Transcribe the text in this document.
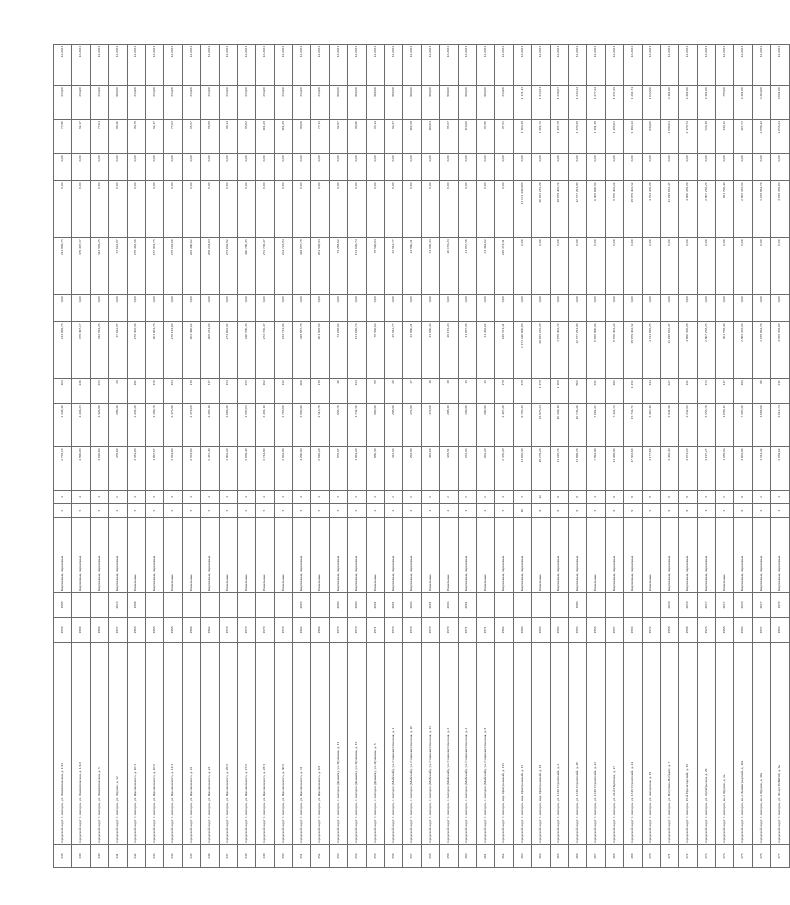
338	городской округ г. Ангарск, ул. Филипповская, д. 1/12	1959	1998	Кирпичные, первичные	5	4	2 758,10	2 348,30	163	214 969,75	0,00	214 969,75	0,00	0,00	77,90	254,00	12.2031
339	городской округ г. Ангарск, ул. Филипповская, д. 1/4/2	1966		Кирпичные, первичные	5	4	4 896,00	4 436,25	236	379 497,17	0,00	379 497,17	0,00	0,00	82,17	254,00	12.2031
340	городской округ г. Ангарск, ул. Филипповская, д. 5	1966		Кирпичные, первичные	5	4	4 626,60	4 426,80	225	343 593,25	0,00	343 593,25	0,00	0,00	77,04	254,00	12.2031
341	городской округ г. Ангарск, ул. Фрунзе, д. 12	1957	2015	Кирпичные, первичные	2	2	479,60	389,20	29	37 022,87	0,00	37 022,87	0,00	0,00	98,30	960,00	12.2031
342	городской округ г. Ангарск, ул. Циолковского, д. 10/1	1968	1999	Панельные	5	4	3 583,00	3 445,20	191	278 465,56	0,00	278 465,56	0,00	0,00	80,79	254,00	12.2031
343	городской округ г. Ангарск, ул. Циолковского, д. 10/2	1968		Кирпичные, первичные	5	4	1 997,67	2 109,70	170	201 901,75	0,00	187 901,75	0,00	0,00	82,17	254,00	12.2031
344	городской округ г. Ангарск, ул. Циолковского, д. 14/1	1968		Панельные	5	4	3 594,00	3 375,80	184	278 193,60	0,00	278 193,60	0,00	0,00	77,63	254,00	12.2031
345	городской округ г. Ангарск, ул. Циолковского, д. 22	1969		Панельные	5	4	2 553,00	2 374,00	118	203 490,02	0,00	203 490,02	0,00	0,00	85,57	254,00	12.2031
346	городской округ г. Ангарск, ул. Циолковского, д. 24	1962		Кирпичные, первичные	5	4	2 457,40	2 305,10	117	208 234,84	0,00	208 234,84	0,00	0,00	85,88	254,00	12.2031
347	городской округ г. Ангарск, ул. Циолковского, д. 26/2	1970		Панельные	5	4	3 902,20	3 066,20	154	274 002,82	0,00	274 002,82	0,00	0,00	89,14	254,00	12.2031
348	городской округ г. Ангарск, ул. Циолковского, д. 27/2	1970		Панельные	5	4	5 659,40	4 597,05	255	440 700,45	0,00	440 700,45	0,00	0,00	95,62	254,00	12.2031
349	городской округ г. Ангарск, ул. Циолковского, д. 28/1	1970		Панельные	5	4	3 744,90	3 491,10	162	272 736,47	0,00	272 736,47	0,00	0,00	101,28	254,00	12.2031
350	городской округ г. Ангарск, ул. Циолковского, д. 30/2	1970		Панельные	5	4	2 932,90	2 765,60	132	234 723,84	0,00	234 723,84	0,00	0,00	101,28	254,00	12.2031
351	городской округ г. Ангарск, ул. Циолковского, д. 31	1962	2005	Кирпичные, первичные	5	4	4 290,60	3 893,90	206	329 887,78	0,00	329 887,78	0,00	0,00	98,06	254,00	12.2031
352	городской округ г. Ангарск, ул. Циолковского, д. 6/2	1966		Панельные	5	4	2 626,20	2 513,70	118	201 508,84	0,00	201 508,84	0,00	0,00	77,13	254,00	12.2031
353	городской округ г. Ангарск, г. Ангарск (Дежнёв), ул. Пушкина, д. 11	1970	2000	Кирпичные, первичные	3	3	878,87	683,70	40	73 268,62	0,00	73 268,62	0,00	0,00	82,97	960,00	12.2031
354	городской округ г. Ангарск, г. Ангарск (Дежнёв), ул. Пушкина, д. 13	1970	2000	Кирпичные, первичные	3	3	1 964,20	1 741,50	124	151 646,74	0,00	151 646,74	0,00	0,00	86,90	960,00	12.2031
355	городской округ г. Ангарск, г. Ангарск (Дежнёв), ул. Пушкина, д. 8	1971	2001	Панельные	3	3	880,50	806,90	88	78 566,64	0,00	78 566,64	0,00	0,00	85,14	960,00	12.2031
356	городской округ г. Ангарск, г. Ангарск (Майский), ул. Социалистическая, д. 1	1970	2001	Кирпичные, первичные	2	2	322,84	298,80	20	25 812,77	0,00	25 812,77	0,00	0,00	82,37	960,00	12.2031
357	городской округ г. Ангарск, г. Ангарск (Майский), ул. Социалистическая, д. 10	1970	2004	Кирпичные, первичные	2	2	293,80	272,86	17	23 860,21	0,00	23 860,21	0,00	0,00	102,59	960,00	12.2031
358	городской округ г. Ангарск, г. Ангарск (Майский), ул. Социалистическая, д. 11	1970	2001	Панельные	2	2	395,60	372,60	19	31 830,43	0,00	31 830,43	0,00	0,00	100,04	960,00	12.2031
359	городской округ г. Ангарск, г. Ангарск (Майский), ул. Социалистическая, д. 3	1970	2004	Панельные	2	2	338,81	298,30	19	26 155,23	0,00	26 155,23	0,00	0,00	85,57	960,00	12.2031
360	городской округ г. Ангарск, г. Ангарск (Майский), ул. Социалистическая, д. 4	1971	2001	Кирпичные, первичные	2	2	255,93	186,80	15	21 957,56	0,00	21 957,56	0,00	0,00	115,00	960,00	12.2031
361	городской округ г. Ангарск, г. Ангарск (Майский), ул. Социалистическая, д. 9	1971		Панельные	2	2	202,20	260,90	15	31 462,02	0,00	31 462,02	0,00	0,00	97,86	960,00	12.2031
362	городской округ г. Ангарск, мкр. Центральный, д. 115	1962		Кирпичные, первичные	5	4	2 476,20	2 407,20	179	229 374,31	0,00	229 374,31	0,00	0,00	97,51	254,00	12.2031
363	городской округ г. Ангарск, мкр. Центральный, д. 15	1960		Кирпичные, первичные	10	3	11 665,50	9 705,45	478	1 171 446 600,00	0,00	0,00	11 171 446,600	0,00	1 163,39	1 171,13	12.2031
364	городской округ г. Ангарск, мкр. Центральный, д. 19	1983		Панельные	9	12	19 279,20	23 975,23	1 478	20 655 235,29	0,00	0,00	20 655 235,29	0,00	1 201,72	1 213,81	12.2031
365	городской округ г. Ангарск, ул. 1316 Строителей, д. 2	1983		Кирпичные, первичные	9	9	11 228,70	10 436,10	1 108	1 979 402,72	0,00	0,00	19 979 402,72	0,00	1 187,79	1 210,07	12.2031
366	городской округ г. Ангарск, ул. 1316 Строителей, д. 20	1983	1980	Кирпичные, первичные	9	9	11 699,70	10 745,20	802	12 577 291,90	0,00	0,00	12 577 291,90	0,00	1 170,58	1 233,23	12.2031
367	городской округ г. Ангарск, ул. 1316 Строителей, д. 22	1985		Панельные	5	4	7 893,90	7 002,21	551	6 958 800,84	0,00	0,00	6 308 600,84	0,00	1 181,19	1 277,23	12.2031
368	городской округ г. Ангарск, ул. 22-й Партизан, д. 17	1987		Кирпичные, первичные	9	9	11 469,90	7 422,72	492	8 876 403,22	0,00	0,00	8 876 403,22	0,00	1 195,01	1 257,45	12.2031
369	городской округ г. Ангарск, ул. 1316 Строителей, д. 24	1983		Кирпичные, первичные	9	9	17 503,60	15 731,71	1 251	19 979 402,52	0,00	0,00	19 979 402,52	0,00	1 160,43	1 261,74	12.2031
370	городской округ г. Ангарск, ул. Ангарская, д. 19	1972		Панельные	5	8	3 177,00	3 467,40	244	4 724 695,25	0,00	0,00	4 763 438,29	0,00	830,00	1 022,00	12.2031
371	городской округ г. Ангарск, ул. Ватутина-Победит, д. 7	1988	2019	Кирпичные, первичные	9	8	3 462,30	3 941,50	227	11 298 052,47	0,00	0,00	11 298 052,47	0,00	1 080,03	4 101,00	12.2031
372	городской округ г. Ангарск, 18-й Пролетарский, д. 18	1986	2016	Кирпичные, первичные	9	9	4 074,10	3 232,82	121	4 966 358,29	0,00	0,00	4 966 358,29	0,00	2 170,72	2 301,00	12.2031
373	городской округ г. Ангарск, ул. Октябрьская, д. 29	1925	2017	Кирпичные, первичные	4	4	4 197,27	3 555,70	172	2 807 258,25	0,00	0,00	2 807 258,25	0,00	724,18	2 301,00	12.2031
374	городской округ г. Ангарск, кв-л Фрунзе, д. 3а	1968	2017	Панельные	2	2	1 288,93	1 089,11	117	561 798,40	0,00	0,00	561 798,40	0,00	130,12	785,00	12.2031
375	городской округ г. Ангарск, кв-л Ленинградский, д. 10а	1993	2019	Кирпичные, первичные	9	9	4 602,90	7 597,20	193	2 865 335,84	0,00	0,00	2 865 335,84	0,00	307,71	2 301,00	12.2031
376	городской округ г. Ангарск, кв-л Фрунзе, д. 46а	1957	2017	Кирпичные, первичные	3	2	1 544,42	1 068,60	90	1 258 964,76	0,00	0,00	1 258 964,76	0,00	2 089,42	3 304,00	12.2031
377	городской округ г. Ангарск, ул. 30-лет ВЛКСМ, д. 6а	1963	1970	Кирпичные, первичные	4	4	3 269,62	3 012,74	211	3 058 359,00	0,00	0,00	3 058 359,00	0,00	2 055,24	4 061,00	12.2031
